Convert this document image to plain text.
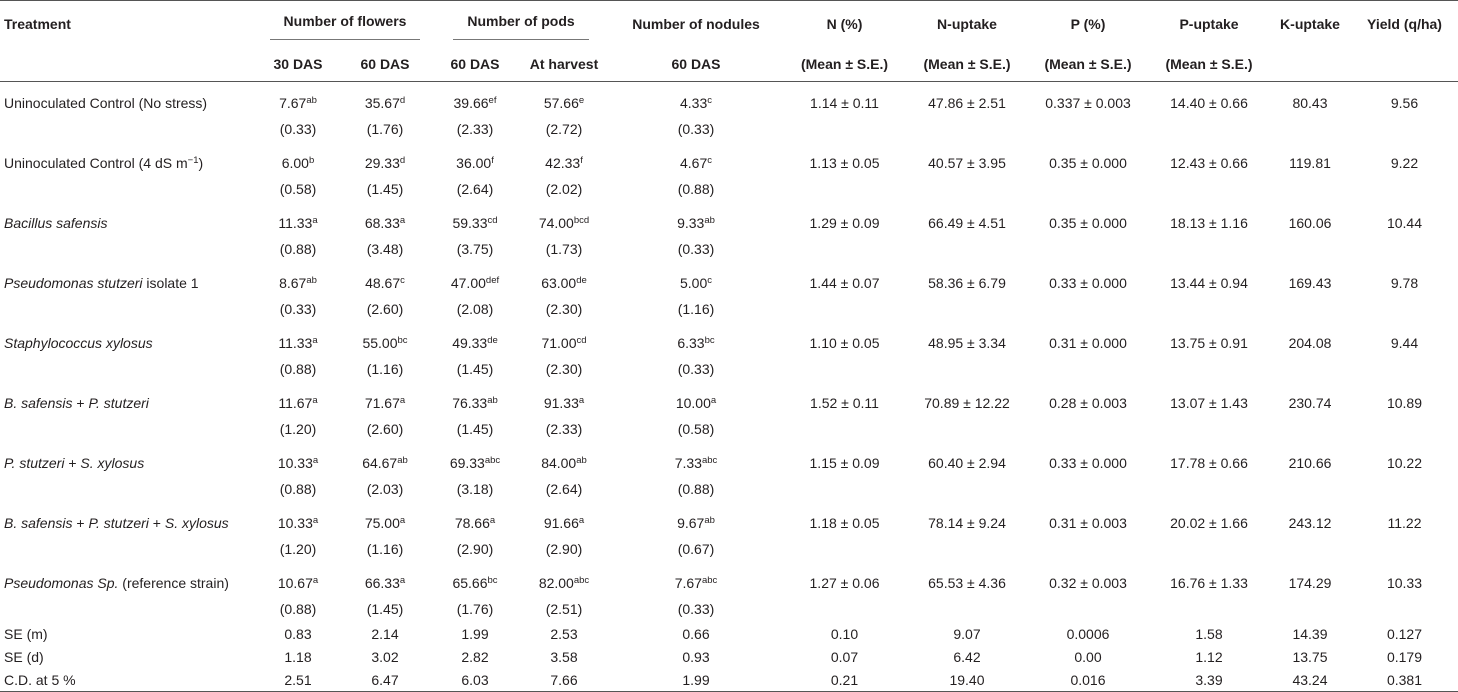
Treatment	Number of flowers		Number of pods		Number of nodules	N (%)	N-uptake	P (%)	P-uptake	K-uptake	Yield (q/ha)
	30 DAS	60 DAS	60 DAS	At harvest	60 DAS	(Mean ± S.E.)	(Mean ± S.E.)	(Mean ± S.E.)	(Mean ± S.E.)		
Uninoculated Control (No stress)	7.67$^{ab}$	35.67$^d$	39.66$^{ef}$	57.66e	4.33$^c$	1.14 ± 0.11	47.86 ± 2.51	0.337 ± 0.003	14.40 ± 0.66	80.43	9.56
	(0.33)	(1.76)	(2.33)	(2.72)	(0.33)						
Uninoculated Control (4 dS $m^{-1}$)	6.00$^b$	29.33$^d$	36.00$^f$	42.33$^f$	4.67$^c$	1.13 ± 0.05	40.57 ± 3.95	0.35 ± 0.000	12.43 ± 0.66	119.81	9.22
	(0.58)	(1.45)	(2.64)	(2.02)	(0.88)						
Bacillus safensis	11.33$^a$	68.33$^a$	59.33$^{cd}$	74.00$^{bcd}$	9.33$^{ab}$	1.29 ± 0.09	66.49 ± 4.51	0.35 ± 0.000	18.13 ± 1.16	160.06	10.44
	(0.88)	(3.48)	(3.75)	(1.73)	(0.33)						
Pseudomonas stutzeri isolate 1	8.67$^{ab}$	48.67$^c$	47.00$^{def}$	63.00de	5.00$^c$	1.44 ± 0.07	58.36 ± 6.79	0.33 ± 0.000	13.44 ± 0.94	169.43	9.78
	(0.33)	(2.60)	(2.08)	(2.30)	(1.16)						
Staphylococcus xylosus	11.33$^a$	55.00$^{bc}$	49.33de	71.00$^{cd}$	6.33$^{bc}$	1.10 ± 0.05	48.95 ± 3.34	0.31 ± 0.000	13.75 ± 0.91	204.08	9.44
	(0.88)	(1.16)	(1.45)	(2.30)	(0.33)						
B. safensis + P. stutzeri	11.67$^a$	71.67$^a$	76.33$^{ab}$	91.33$^a$	10.00$^a$	1.52 ± 0.11	70.89 ± 12.22	0.28 ± 0.003	13.07 ± 1.43	230.74	10.89
	(1.20)	(2.60)	(1.45)	(2.33)	(0.58)						
P. stutzeri + S. xylosus	10.33$^a$	64.67$^{ab}$	69.33$^{abc}$	84.00$^{ab}$	7.33$^{abc}$	1.15 ± 0.09	60.40 ± 2.94	0.33 ± 0.000	17.78 ± 0.66	210.66	10.22
	(0.88)	(2.03)	(3.18)	(2.64)	(0.88)						
B. safensis + P. stutzeri + S. xylosus	10.33$^a$	75.00$^a$	78.66$^a$	91.66$^a$	9.67$^{ab}$	1.18 ± 0.05	78.14 ± 9.24	0.31 ± 0.003	20.02 ± 1.66	243.12	11.22
	(1.20)	(1.16)	(2.90)	(2.90)	(0.67)						
Pseudomonas Sp. (reference strain)	10.67$^a$	66.33$^a$	65.66$^{bc}$	82.00$^{abc}$	7.67$^{abc}$	1.27 ± 0.06	65.53 ± 4.36	0.32 ± 0.003	16.76 ± 1.33	174.29	10.33
	(0.88)	(1.45)	(1.76)	(2.51)	(0.33)						
SE (m)	0.83	2.14	1.99	2.53	0.66	0.10	9.07	0.0006	1.58	14.39	0.127
SE (d)	1.18	3.02	2.82	3.58	0.93	0.07	6.42	0.00	1.12	13.75	0.179
C.D. at 5 %	2.51	6.47	6.03	7.66	1.99	0.21	19.40	0.016	3.39	43.24	0.381
